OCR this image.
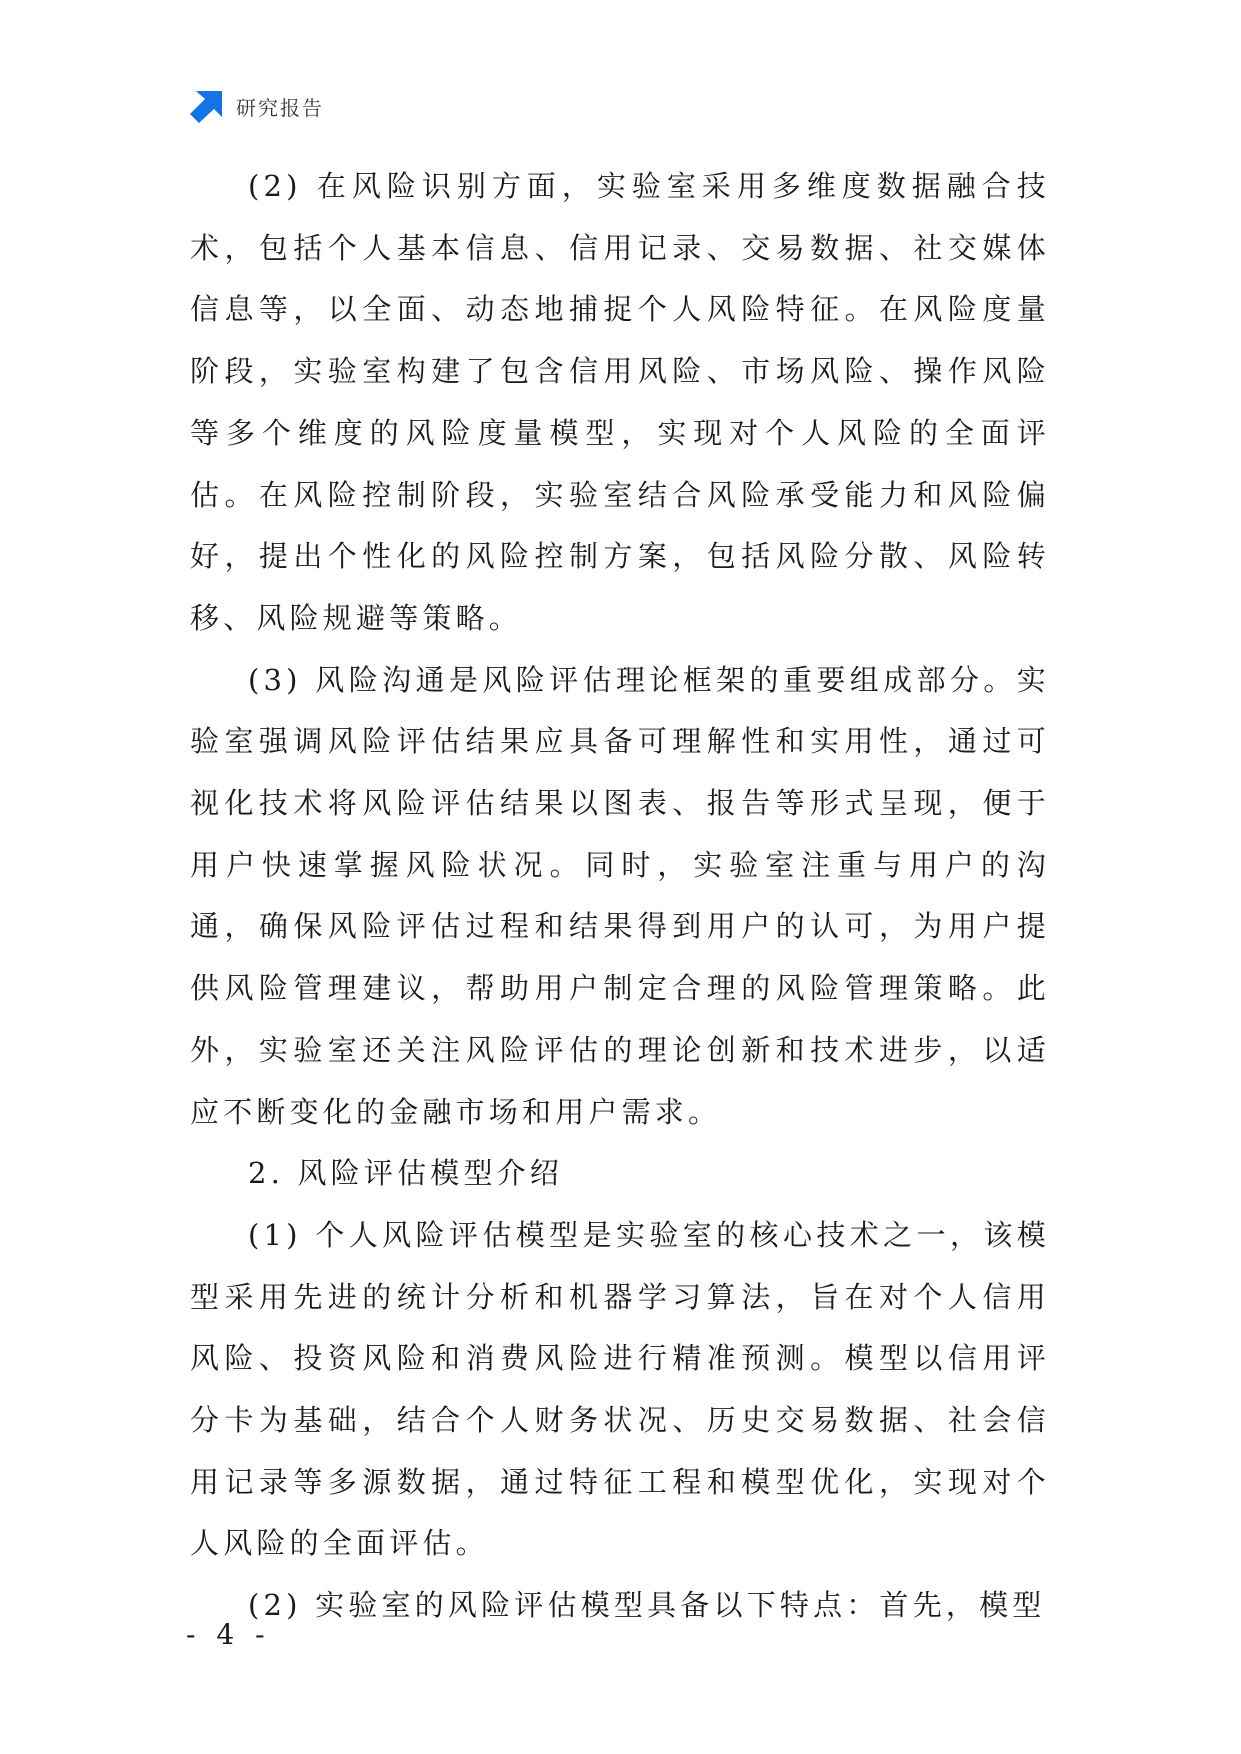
研究报告

(2) 在风险识别方面，实验室采用多维度数据融合技术，包括个人基本信息、信用记录、交易数据、社交媒体信息等，以全面、动态地捕捉个人风险特征。在风险度量阶段，实验室构建了包含信用风险、市场风险、操作风险等多个维度的风险度量模型，实现对个人风险的全面评估。在风险控制阶段，实验室结合风险承受能力和风险偏好，提出个性化的风险控制方案，包括风险分散、风险转移、风险规避等策略。

(3) 风险沟通是风险评估理论框架的重要组成部分。实验室强调风险评估结果应具备可理解性和实用性，通过可视化技术将风险评估结果以图表、报告等形式呈现，便于用户快速掌握风险状况。同时，实验室注重与用户的沟通，确保风险评估过程和结果得到用户的认可，为用户提供风险管理建议，帮助用户制定合理的风险管理策略。此外，实验室还关注风险评估的理论创新和技术进步，以适应不断变化的金融市场和用户需求。

2. 风险评估模型介绍

(1) 个人风险评估模型是实验室的核心技术之一，该模型采用先进的统计分析和机器学习算法，旨在对个人信用风险、投资风险和消费风险进行精准预测。模型以信用评分卡为基础，结合个人财务状况、历史交易数据、社会信用记录等多源数据，通过特征工程和模型优化，实现对个人风险的全面评估。

(2) 实验室的风险评估模型具备以下特点：首先，模型

- 4 -
